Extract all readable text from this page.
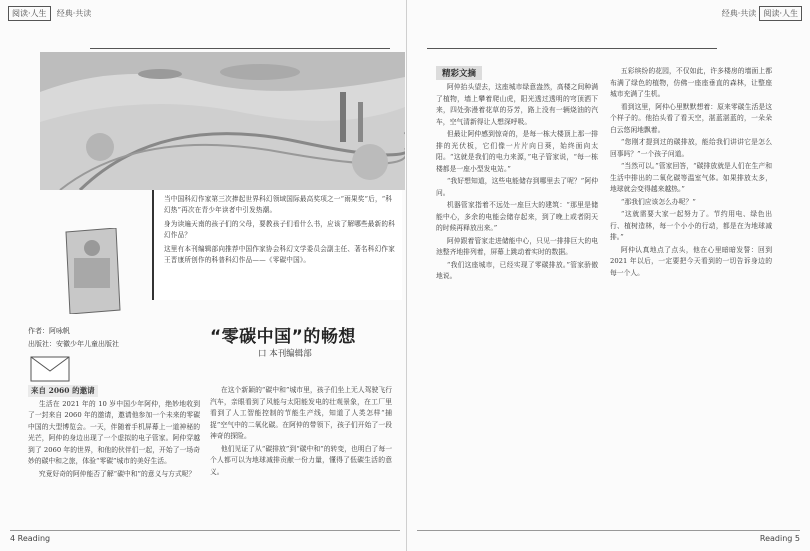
阅读·人生 经典·共读

当中国科幻作家第三次捧起世界科幻领域国际最高奖项之一“雨果奖”后，“科幻热”再次在青少年读者中引发热潮。

身为读遍天南的孩子们的父母，要教孩子们看什么书，应该了解哪些最新的科幻作品？

这里有本刊编辑部向推荐中国作家协会科幻文学委员会副主任、著名科幻作家王晋康所创作的科普科幻作品——《零碳中国》。

作者：阿咏帆
出版社：安徽少年儿童出版社	“零碳中国”的畅想
口 本刊编辑部
来自 2060 的邀请

生活在 2021 年的 10 岁中国少年阿仲，绝妙地收到了一封来自 2060 年的邀请，邀请他参加一个未来的零碳中国的大型博览会。一天，伴随着手机屏幕上一道神秘的光芒，阿仲的身边出现了一个虚拟的电子管家。阿仲穿越到了 2060 年的世界，和他的伙伴们一起，开始了一场奇妙的碳中和之旅，体验“零碳”城市的美好生活。

究竟好奇的阿仲能否了解“碳中和”的意义与方式呢？

在这个新颖的“碳中和”城市里，孩子们坐上无人驾驶飞行汽车，亲眼看到了风能与太阳能发电的壮观景象，在工厂里看到了人工智能控制的节能生产线，知道了人类怎样“捕捉”空气中的二氧化碳。在阿仲的带领下，孩子们开始了一段神奇的探险。

他们见证了从“碳排放”到“碳中和”的转变，也明白了每一个人都可以为地球减排贡献一份力量，懂得了低碳生活的意义。

4 Reading
经典·共读 阅读·人生
精彩文摘

阿仲抬头望去，这座城市绿意盎然，高楼之间种满了植物，墙上攀着爬山虎，阳光透过透明的穹顶洒下来，四处弥漫着花草的芬芳，路上没有一辆烧油的汽车，空气清新得让人想深呼吸。

但最让阿仲感到惊奇的，是每一栋大楼顶上那一排排的光伏板，它们像一片片向日葵，始终面向太阳。“这就是我们的电力来源，”电子管家说，“每一栋楼都是一座小型发电站。”

“我好想知道，这些电能储存到哪里去了呢？”阿仲问。

机器管家指着不远处一座巨大的建筑：“那里是储能中心，多余的电能会储存起来，到了晚上或者阴天的时候再释放出来。”

阿仲跟着管家走进储能中心，只见一排排巨大的电池整齐地排列着，屏幕上跳动着实时的数据。

“我们这座城市，已经实现了零碳排放。”管家骄傲地说。

五彩缤纷的花园，不仅如此，许多楼房的墙面上都布满了绿色的植物，仿佛一座座垂直的森林，让整座城市充满了生机。

看到这里，阿仲心里默默想着：原来零碳生活是这个样子的。他抬头看了看天空，湛蓝湛蓝的，一朵朵白云悠闲地飘着。

“您刚才提到过的碳排放，能给我们讲讲它是怎么回事吗？”一个孩子问道。

“当然可以。”管家回答，“碳排放就是人们在生产和生活中排出的二氧化碳等温室气体。如果排放太多，地球就会变得越来越热。”

“那我们应该怎么办呢？”

“这就需要大家一起努力了。节约用电、绿色出行、植树造林，每一个小小的行动，都是在为地球减排。”

阿仲认真地点了点头，他在心里暗暗发誓：回到 2021 年以后，一定要把今天看到的一切告诉身边的每一个人。

Reading 5
